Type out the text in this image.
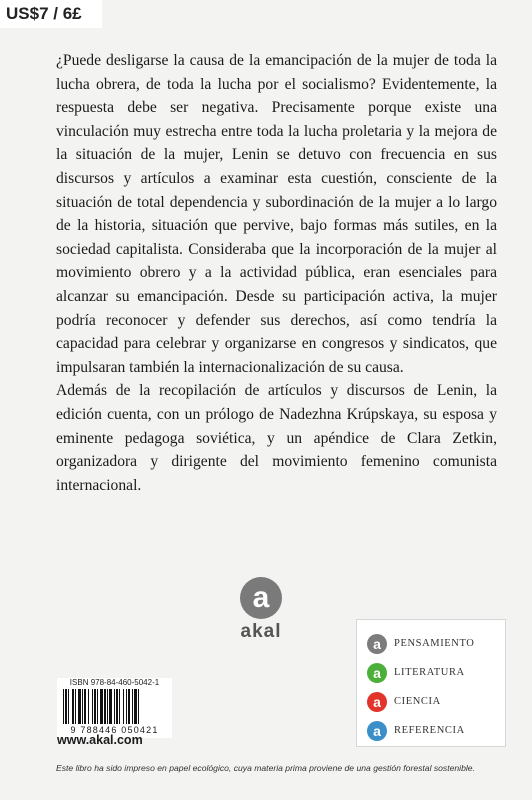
US$7 / 6£

¿Puede desligarse la causa de la emancipación de la mujer de toda la lucha obrera, de toda la lucha por el socialismo? Evidentemente, la respuesta debe ser negativa. Precisamente porque existe una vinculación muy estrecha entre toda la lucha proletaria y la mejora de la situación de la mujer, Lenin se detuvo con frecuencia en sus discursos y artículos a examinar esta cuestión, consciente de la situación de total dependencia y subordinación de la mujer a lo largo de la historia, situación que pervive, bajo formas más sutiles, en la sociedad capitalista. Consideraba que la incorporación de la mujer al movimiento obrero y a la actividad pública, eran esenciales para alcanzar su emancipación. Desde su participación activa, la mujer podría reconocer y defender sus derechos, así como tendría la capacidad para celebrar y organizarse en congresos y sindicatos, que impulsaran también la internacionalización de su causa.

Además de la recopilación de artículos y discursos de Lenin, la edición cuenta, con un prólogo de Nadezhna Krúpskaya, su esposa y eminente pedagoga soviética, y un apéndice de Clara Zetkin, organizadora y dirigente del movimiento femenino comunista internacional.

a
akal
a	PENSAMIENTO
a	LITERATURA
a	CIENCIA
a	REFERENCIA
ISBN 978-84-460-5042-1
9 788446 050421
www.akal.com
Este libro ha sido impreso en papel ecológico, cuya materia prima proviene de una gestión forestal sostenible.
